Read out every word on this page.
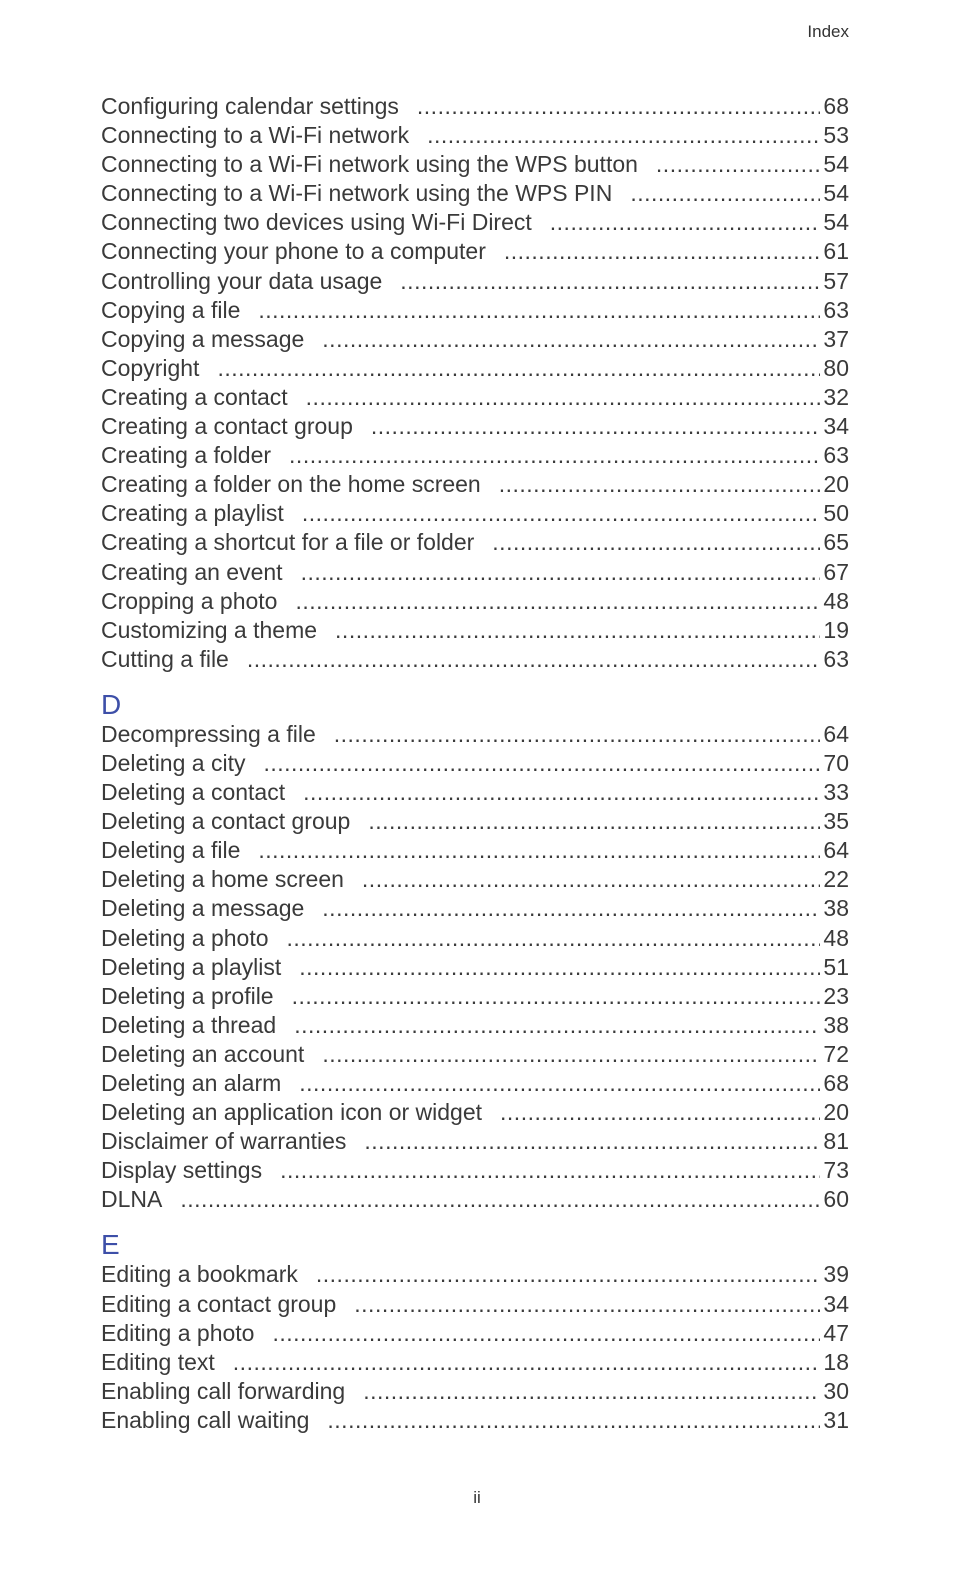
Index
Configuring calendar settings .....	68
Connecting to a Wi-Fi network .....	53
Connecting to a Wi-Fi network using the WPS button .....	54
Connecting to a Wi-Fi network using the WPS PIN .....	54
Connecting two devices using Wi-Fi Direct .....	54
Connecting your phone to a computer .....	61
Controlling your data usage .....	57
Copying a file .....	63
Copying a message .....	37
Copyright .....	80
Creating a contact .....	32
Creating a contact group .....	34
Creating a folder .....	63
Creating a folder on the home screen .....	20
Creating a playlist .....	50
Creating a shortcut for a file or folder .....	65
Creating an event .....	67
Cropping a photo .....	48
Customizing a theme .....	19
Cutting a file .....	63
D
Decompressing a file .....	64
Deleting a city .....	70
Deleting a contact .....	33
Deleting a contact group .....	35
Deleting a file .....	64
Deleting a home screen .....	22
Deleting a message .....	38
Deleting a photo .....	48
Deleting a playlist .....	51
Deleting a profile .....	23
Deleting a thread .....	38
Deleting an account .....	72
Deleting an alarm .....	68
Deleting an application icon or widget .....	20
Disclaimer of warranties .....	81
Display settings .....	73
DLNA .....	60
E
Editing a bookmark .....	39
Editing a contact group .....	34
Editing a photo .....	47
Editing text .....	18
Enabling call forwarding .....	30
Enabling call waiting .....	31
ii
